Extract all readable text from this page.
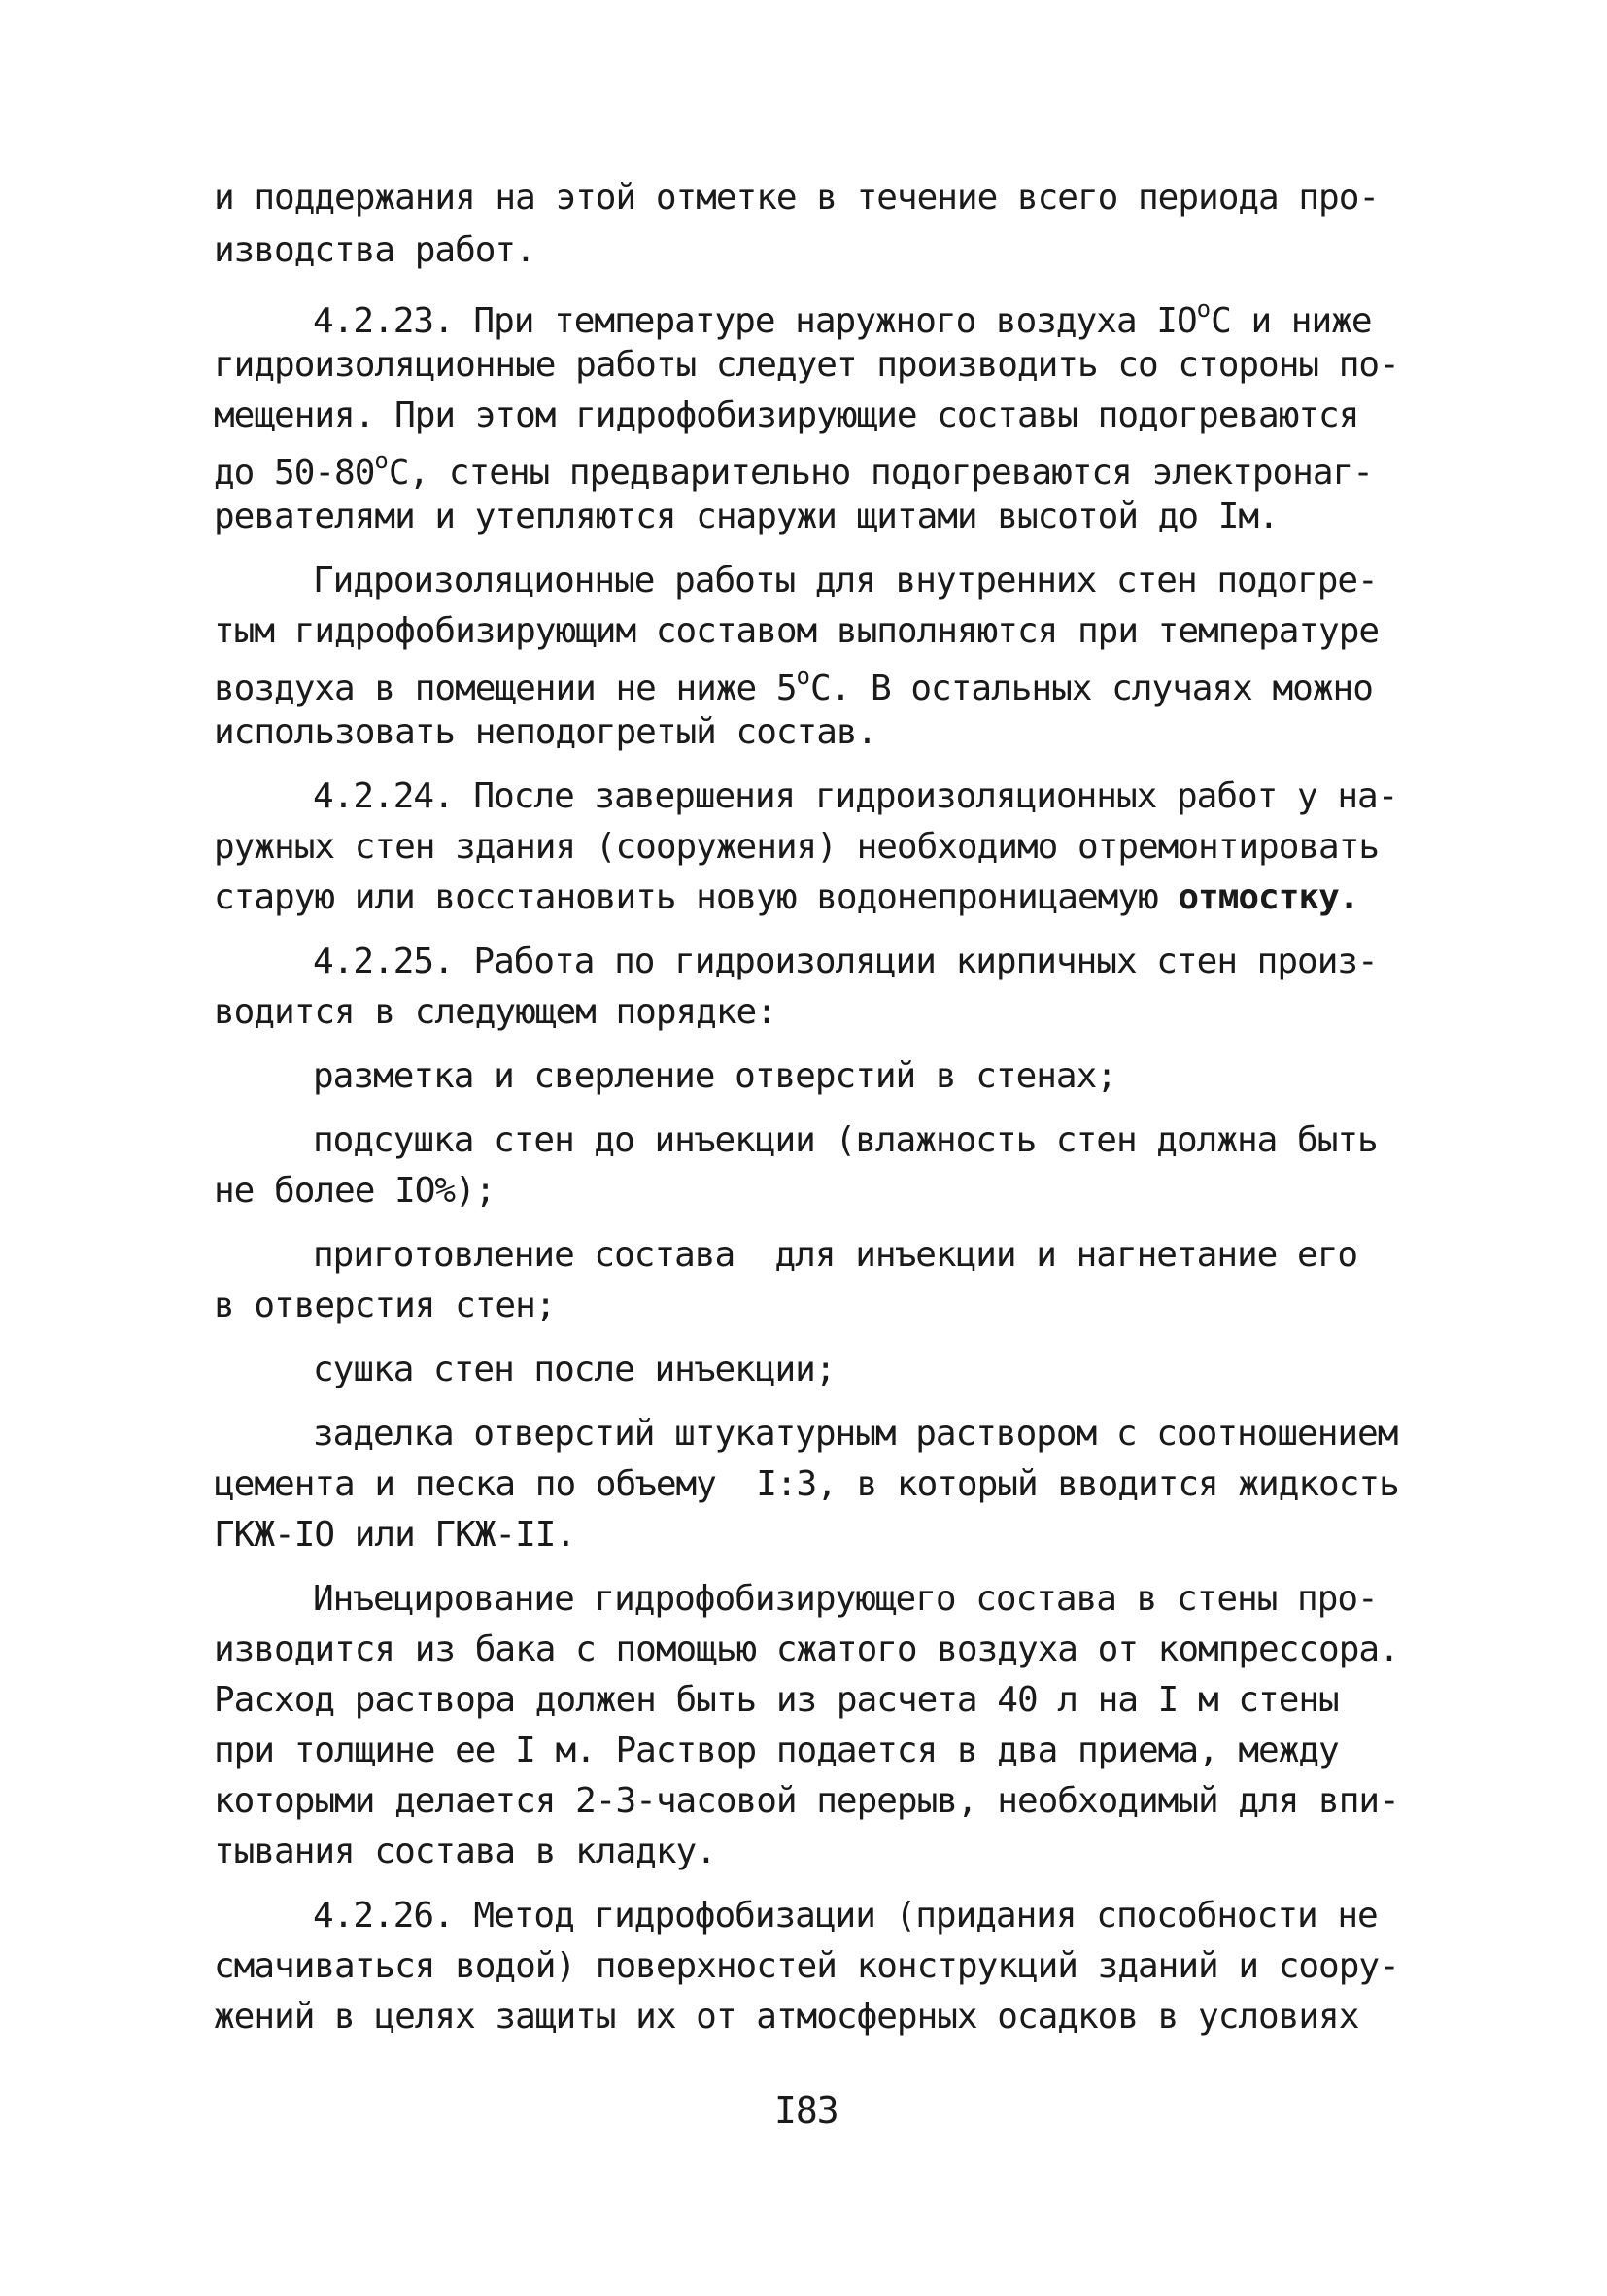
и поддержания на этой отметке в течение всего периода про-
изводства работ.
4.2.23. При температуре наружного воздуха $IO^оС$ и ниже
гидроизоляционные работы следует производить со стороны по-
мещения. При этом гидрофобизирующие составы подогреваются
до $50-80^оС$, стены предварительно подогреваются электронаг-
ревателями и утепляются снаружи щитами высотой до Iм.
Гидроизоляционные работы для внутренних стен подогре-
тым гидрофобизирующим составом выполняются при температуре
воздуха в помещении не ниже $5^оС$. В остальных случаях можно
использовать неподогретый состав.
4.2.24. После завершения гидроизоляционных работ у на-
ружных стен здания (сооружения) необходимо отремонтировать
старую или восстановить новую водонепроницаемую отмостку.
4.2.25. Работа по гидроизоляции кирпичных стен произ-
водится в следующем порядке:
разметка и сверление отверстий в стенах;
подсушка стен до инъекции (влажность стен должна быть
не более IO%);
приготовление состава  для инъекции и нагнетание его
в отверстия стен;
сушка стен после инъекции;
заделка отверстий штукатурным раствором с соотношением
цемента и песка по объему  I:3, в который вводится жидкость
ГКЖ-IO или ГКЖ-II.
Инъецирование гидрофобизирующего состава в стены про-
изводится из бака с помощью сжатого воздуха от компрессора.
Расход раствора должен быть из расчета 40 л на I м стены
при толщине ее I м. Раствор подается в два приема, между
которыми делается 2-3-часовой перерыв, необходимый для впи-
тывания состава в кладку.
4.2.26. Метод гидрофобизации (придания способности не
смачиваться водой) поверхностей конструкций зданий и соору-
жений в целях защиты их от атмосферных осадков в условиях
I83
